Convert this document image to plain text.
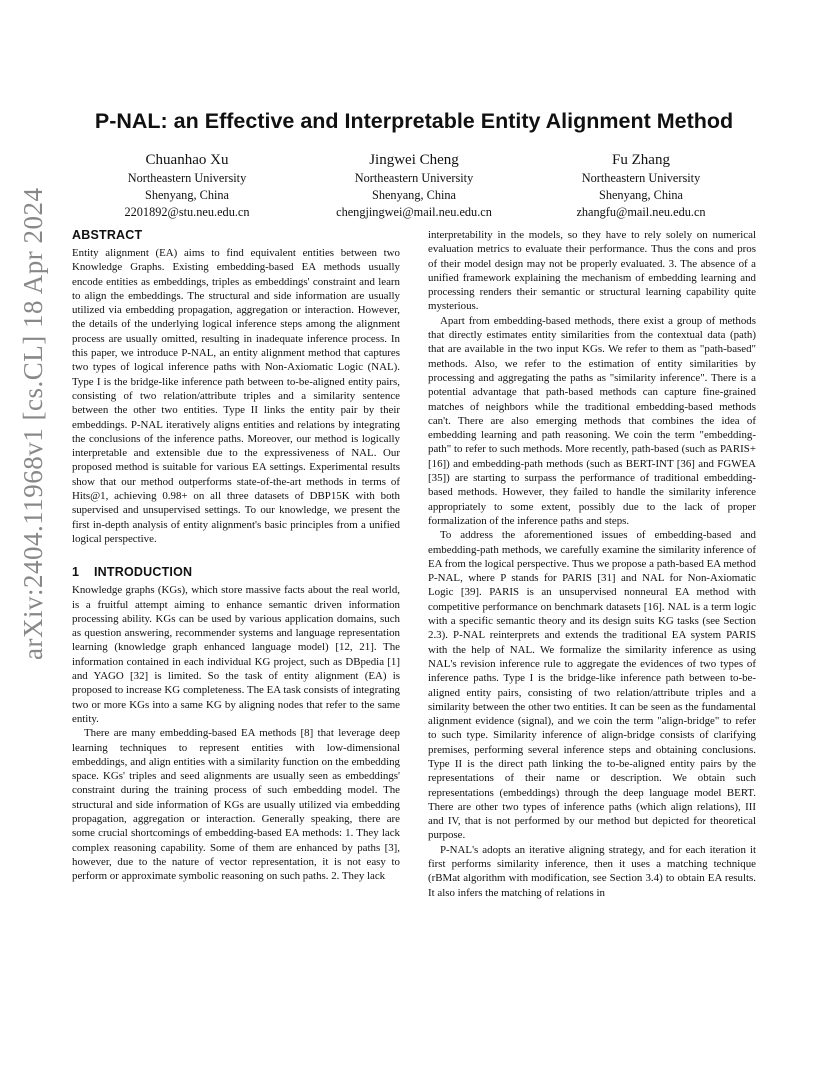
arXiv:2404.11968v1 [cs.CL] 18 Apr 2024
P-NAL: an Effective and Interpretable Entity Alignment Method
Chuanhao Xu
Northeastern University
Shenyang, China
2201892@stu.neu.edu.cn
Jingwei Cheng
Northeastern University
Shenyang, China
chengjingwei@mail.neu.edu.cn
Fu Zhang
Northeastern University
Shenyang, China
zhangfu@mail.neu.edu.cn
ABSTRACT

Entity alignment (EA) aims to find equivalent entities between two Knowledge Graphs. Existing embedding-based EA methods usually encode entities as embeddings, triples as embeddings' constraint and learn to align the embeddings. The structural and side information are usually utilized via embedding propagation, aggregation or interaction. However, the details of the underlying logical inference steps among the alignment process are usually omitted, resulting in inadequate inference process. In this paper, we introduce P-NAL, an entity alignment method that captures two types of logical inference paths with Non-Axiomatic Logic (NAL). Type I is the bridge-like inference path between to-be-aligned entity pairs, consisting of two relation/attribute triples and a similarity sentence between the other two entities. Type II links the entity pair by their embeddings. P-NAL iteratively aligns entities and relations by integrating the conclusions of the inference paths. Moreover, our method is logically interpretable and extensible due to the expressiveness of NAL. Our proposed method is suitable for various EA settings. Experimental results show that our method outperforms state-of-the-art methods in terms of Hits@1, achieving 0.98+ on all three datasets of DBP15K with both supervised and unsupervised settings. To our knowledge, we present the first in-depth analysis of entity alignment's basic principles from a unified logical perspective.

1 INTRODUCTION

Knowledge graphs (KGs), which store massive facts about the real world, is a fruitful attempt aiming to enhance semantic driven information processing ability. KGs can be used by various application domains, such as question answering, recommender systems and language representation learning (knowledge graph enhanced language model) [12, 21]. The information contained in each individual KG project, such as DBpedia [1] and YAGO [32] is limited. So the task of entity alignment (EA) is proposed to increase KG completeness. The EA task consists of integrating two or more KGs into a same KG by aligning nodes that refer to the same entity.

There are many embedding-based EA methods [8] that leverage deep learning techniques to represent entities with low-dimensional embeddings, and align entities with a similarity function on the embedding space. KGs' triples and seed alignments are usually seen as embeddings' constraint during the training process of such embedding model. The structural and side information of KGs are usually utilized via embedding propagation, aggregation or interaction. Generally speaking, there are some crucial shortcomings of embedding-based EA methods: 1. They lack complex reasoning capability. Some of them are enhanced by paths [3], however, due to the nature of vector representation, it is not easy to perform or approximate symbolic reasoning on such paths. 2. They lack

interpretability in the models, so they have to rely solely on numerical evaluation metrics to evaluate their performance. Thus the cons and pros of their model design may not be properly evaluated. 3. The absence of a unified framework explaining the mechanism of embedding learning and processing renders their semantic or structural learning capability quite mysterious.

Apart from embedding-based methods, there exist a group of methods that directly estimates entity similarities from the contextual data (path) that are available in the two input KGs. We refer to them as "path-based" methods. Also, we refer to the estimation of entity similarities by processing and aggregating the paths as "similarity inference". There is a potential advantage that path-based methods can capture fine-grained matches of neighbors while the traditional embedding-based methods can't. There are also emerging methods that combines the idea of embedding learning and path reasoning. We coin the term "embedding-path" to refer to such methods. More recently, path-based (such as PARIS+ [16]) and embedding-path methods (such as BERT-INT [36] and FGWEA [35]) are starting to surpass the performance of traditional embedding-based methods. However, they failed to handle the similarity inference appropriately to some extent, possibly due to the lack of proper formalization of the inference paths and steps.

To address the aforementioned issues of embedding-based and embedding-path methods, we carefully examine the similarity inference of EA from the logical perspective. Thus we propose a path-based EA method P-NAL, where P stands for PARIS [31] and NAL for Non-Axiomatic Logic [39]. PARIS is an unsupervised nonneural EA method with competitive performance on benchmark datasets [16]. NAL is a term logic with a specific semantic theory and its design suits KG tasks (see Section 2.3). P-NAL reinterprets and extends the traditional EA system PARIS with the help of NAL. We formalize the similarity inference as using NAL's revision inference rule to aggregate the evidences of two types of inference paths. Type I is the bridge-like inference path between to-be-aligned entity pairs, consisting of two relation/attribute triples and a similarity between the other two entities. It can be seen as the fundamental alignment evidence (signal), and we coin the term "align-bridge" to refer to such type. Similarity inference of align-bridge consists of clarifying premises, performing several inference steps and obtaining conclusions. Type II is the direct path linking the to-be-aligned entity pairs by the representations of their name or description. We obtain such representations (embeddings) through the deep language model BERT. There are other two types of inference paths (which align relations), III and IV, that is not performed by our method but depicted for theoretical purpose.

P-NAL's adopts an iterative aligning strategy, and for each iteration it first performs similarity inference, then it uses a matching technique (rBMat algorithm with modification, see Section 3.4) to obtain EA results. It also infers the matching of relations in
